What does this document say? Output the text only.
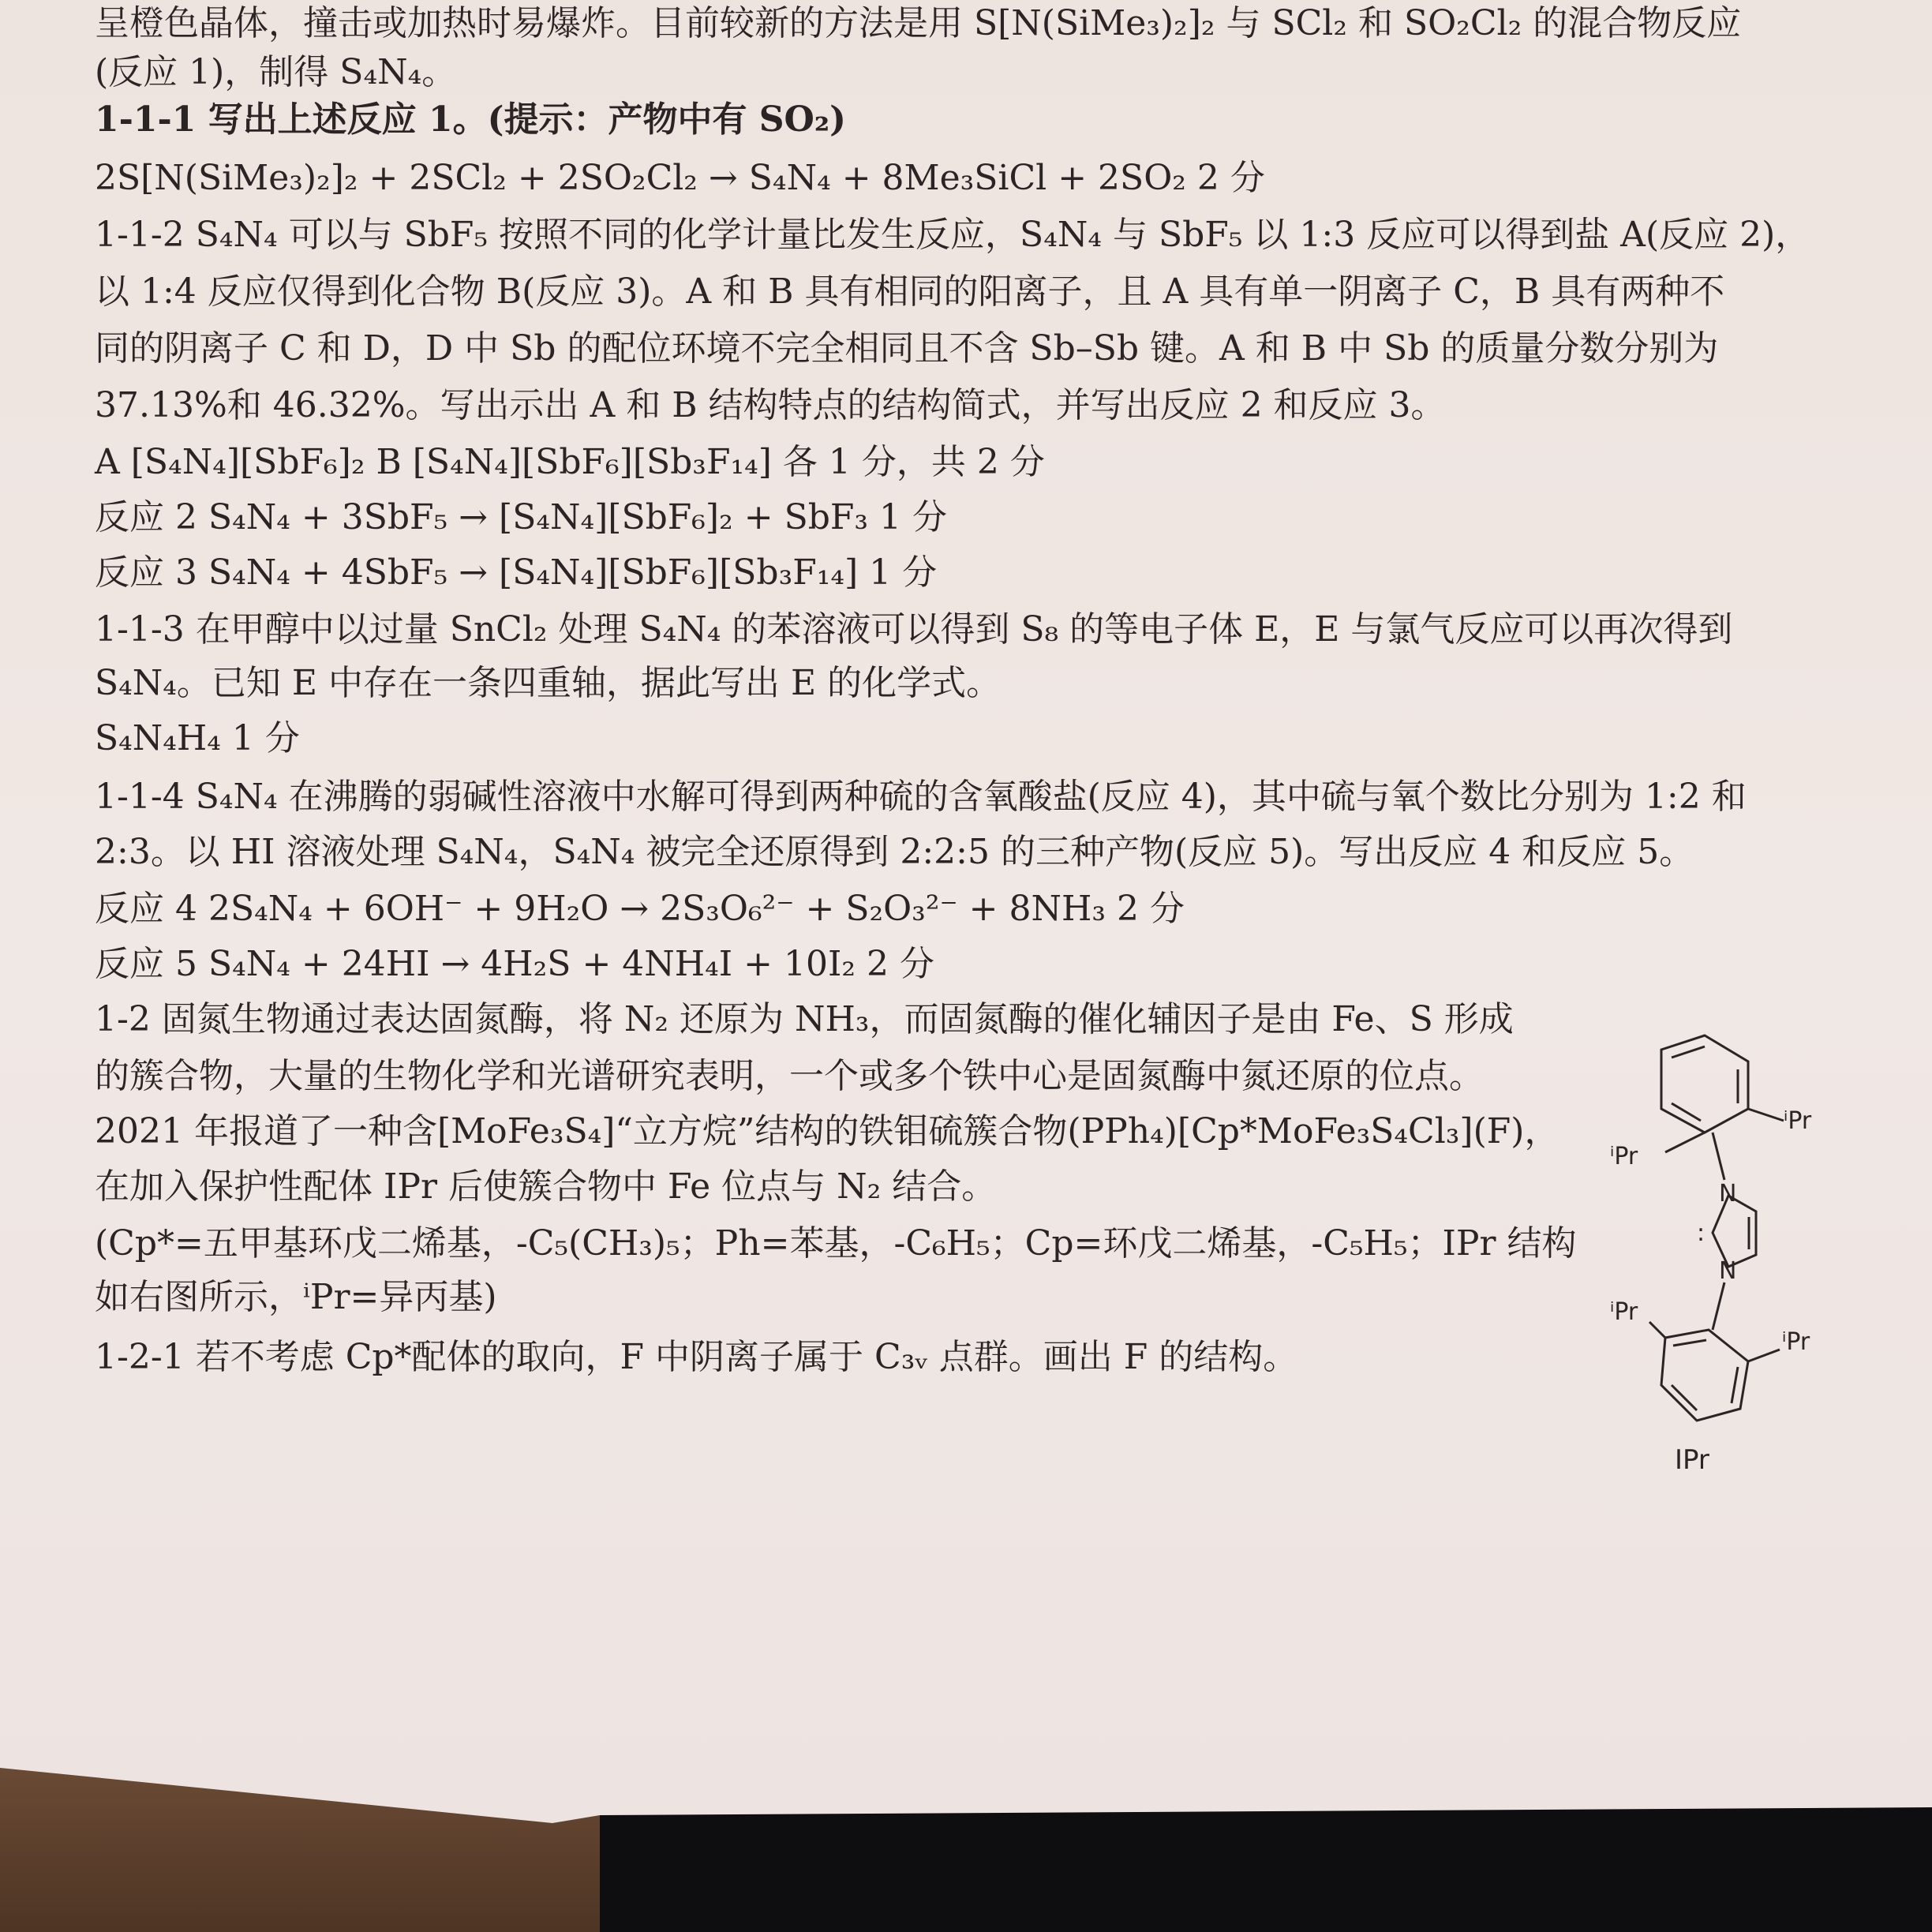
呈橙色晶体，撞击或加热时易爆炸。目前较新的方法是用 S[N(SiMe₃)₂]₂ 与 SCl₂ 和 SO₂Cl₂ 的混合物反应
(反应 1)，制得 S₄N₄。
1-1-1 写出上述反应 1。(提示：产物中有 SO₂)
2S[N(SiMe₃)₂]₂ + 2SCl₂ + 2SO₂Cl₂ → S₄N₄ + 8Me₃SiCl + 2SO₂ 2 分
1-1-2 S₄N₄ 可以与 SbF₅ 按照不同的化学计量比发生反应，S₄N₄ 与 SbF₅ 以 1:3 反应可以得到盐 A(反应 2)，
以 1:4 反应仅得到化合物 B(反应 3)。A 和 B 具有相同的阳离子，且 A 具有单一阴离子 C，B 具有两种不
同的阴离子 C 和 D，D 中 Sb 的配位环境不完全相同且不含 Sb–Sb 键。A 和 B 中 Sb 的质量分数分别为
37.13%和 46.32%。写出示出 A 和 B 结构特点的结构简式，并写出反应 2 和反应 3。
A [S₄N₄][SbF₆]₂ B [S₄N₄][SbF₆][Sb₃F₁₄] 各 1 分，共 2 分
反应 2 S₄N₄ + 3SbF₅ → [S₄N₄][SbF₆]₂ + SbF₃ 1 分
反应 3 S₄N₄ + 4SbF₅ → [S₄N₄][SbF₆][Sb₃F₁₄] 1 分
1-1-3 在甲醇中以过量 SnCl₂ 处理 S₄N₄ 的苯溶液可以得到 S₈ 的等电子体 E，E 与氯气反应可以再次得到
S₄N₄。已知 E 中存在一条四重轴，据此写出 E 的化学式。
S₄N₄H₄ 1 分
1-1-4 S₄N₄ 在沸腾的弱碱性溶液中水解可得到两种硫的含氧酸盐(反应 4)，其中硫与氧个数比分别为 1:2 和
2:3。以 HI 溶液处理 S₄N₄，S₄N₄ 被完全还原得到 2:2:5 的三种产物(反应 5)。写出反应 4 和反应 5。
反应 4 2S₄N₄ + 6OH⁻ + 9H₂O → 2S₃O₆²⁻ + S₂O₃²⁻ + 8NH₃ 2 分
反应 5 S₄N₄ + 24HI → 4H₂S + 4NH₄I + 10I₂ 2 分
1-2 固氮生物通过表达固氮酶，将 N₂ 还原为 NH₃，而固氮酶的催化辅因子是由 Fe、S 形成
的簇合物，大量的生物化学和光谱研究表明，一个或多个铁中心是固氮酶中氮还原的位点。
2021 年报道了一种含[MoFe₃S₄]“立方烷”结构的铁钼硫簇合物(PPh₄)[Cp*MoFe₃S₄Cl₃](F)，
在加入保护性配体 IPr 后使簇合物中 Fe 位点与 N₂ 结合。
(Cp*=五甲基环戊二烯基，-C₅(CH₃)₅；Ph=苯基，-C₆H₅；Cp=环戊二烯基，-C₅H₅；IPr 结构
如右图所示，ⁱPr=异丙基)
1-2-1 若不考虑 Cp*配体的取向，F 中阴离子属于 C₃ᵥ 点群。画出 F 的结构。
ⁱPr
ⁱPr
N
:
N
ⁱPr
ⁱPr
IPr
